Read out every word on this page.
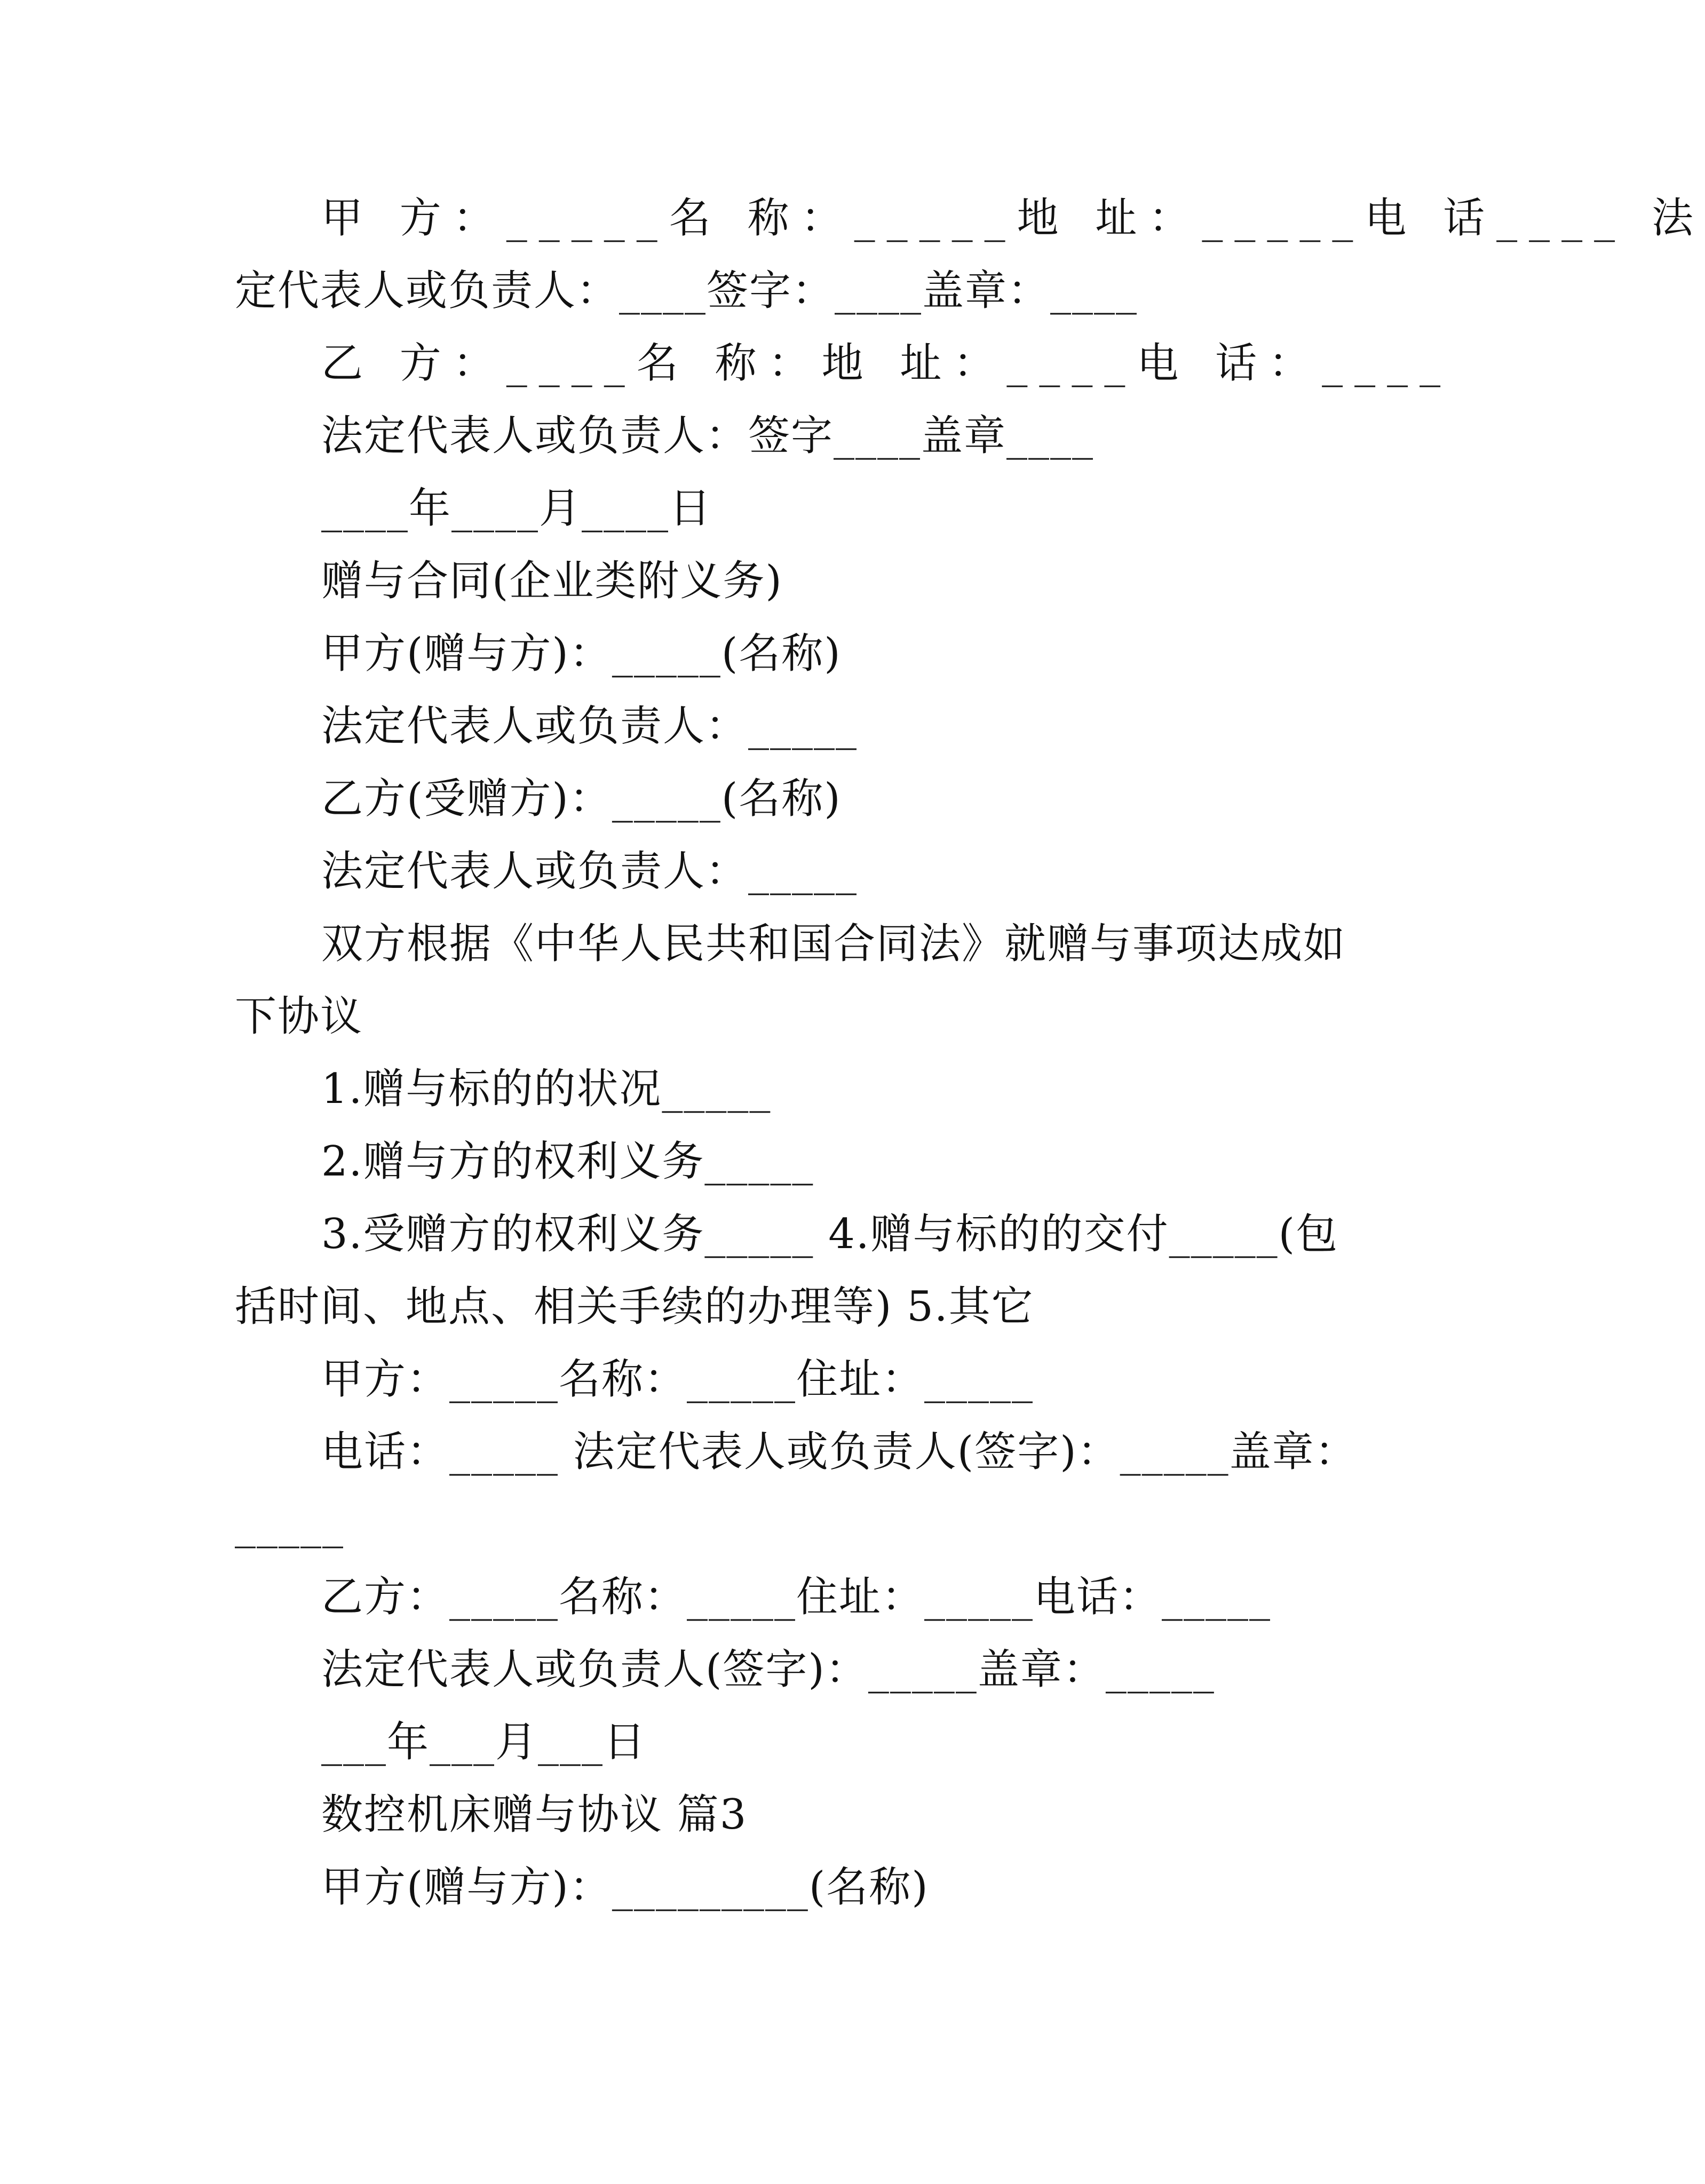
甲 方：_____名 称：_____地 址：_____电 话____ 法
定代表人或负责人：____签字：____盖章：____
乙 方：____名 称：地 址：____电 话：____
法定代表人或负责人：签字____盖章____
____年____月____日
赠与合同(企业类附义务)
甲方(赠与方)：_____(名称)
法定代表人或负责人：_____
乙方(受赠方)：_____(名称)
法定代表人或负责人：_____
双方根据《中华人民共和国合同法》就赠与事项达成如
下协议
1.赠与标的的状况_____
2.赠与方的权利义务_____
3.受赠方的权利义务_____ 4.赠与标的的交付_____(包
括时间、地点、相关手续的办理等) 5.其它
甲方：_____名称：_____住址：_____
电话：_____ 法定代表人或负责人(签字)：_____盖章：
_____
乙方：_____名称：_____住址：_____电话：_____
法定代表人或负责人(签字)：_____盖章：_____
___年___月___日
数控机床赠与协议 篇3
甲方(赠与方)：_________(名称)
